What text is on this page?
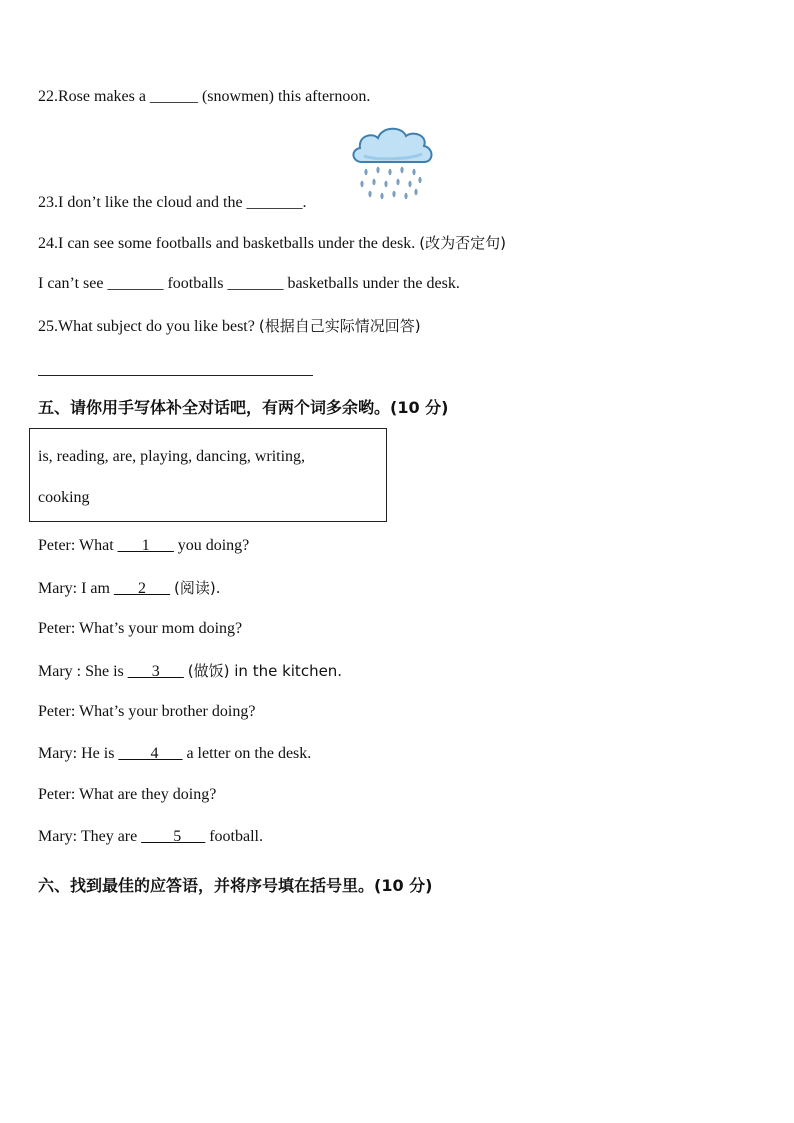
22.Rose makes a ______ (snowmen) this afternoon.
23.I don’t like the cloud and the _______.
24.I can see some footballs and basketballs under the desk. (改为否定句)
I can’t see _______ footballs _______ basketballs under the desk.
25.What subject do you like best? (根据自己实际情况回答)
五、请你用手写体补全对话吧，有两个词多余哟。(10 分)
is, reading, are, playing, dancing, writing,
cooking
Peter: What ___1___ you doing?
Mary: I am ___2___ (阅读).
Peter: What’s your mom doing?
Mary : She is ___3___ (做饭) in the kitchen.
Peter: What’s your brother doing?
Mary: He is ____4___ a letter on the desk.
Peter: What are they doing?
Mary: They are ____5___ football.
六、找到最佳的应答语，并将序号填在括号里。(10 分)
